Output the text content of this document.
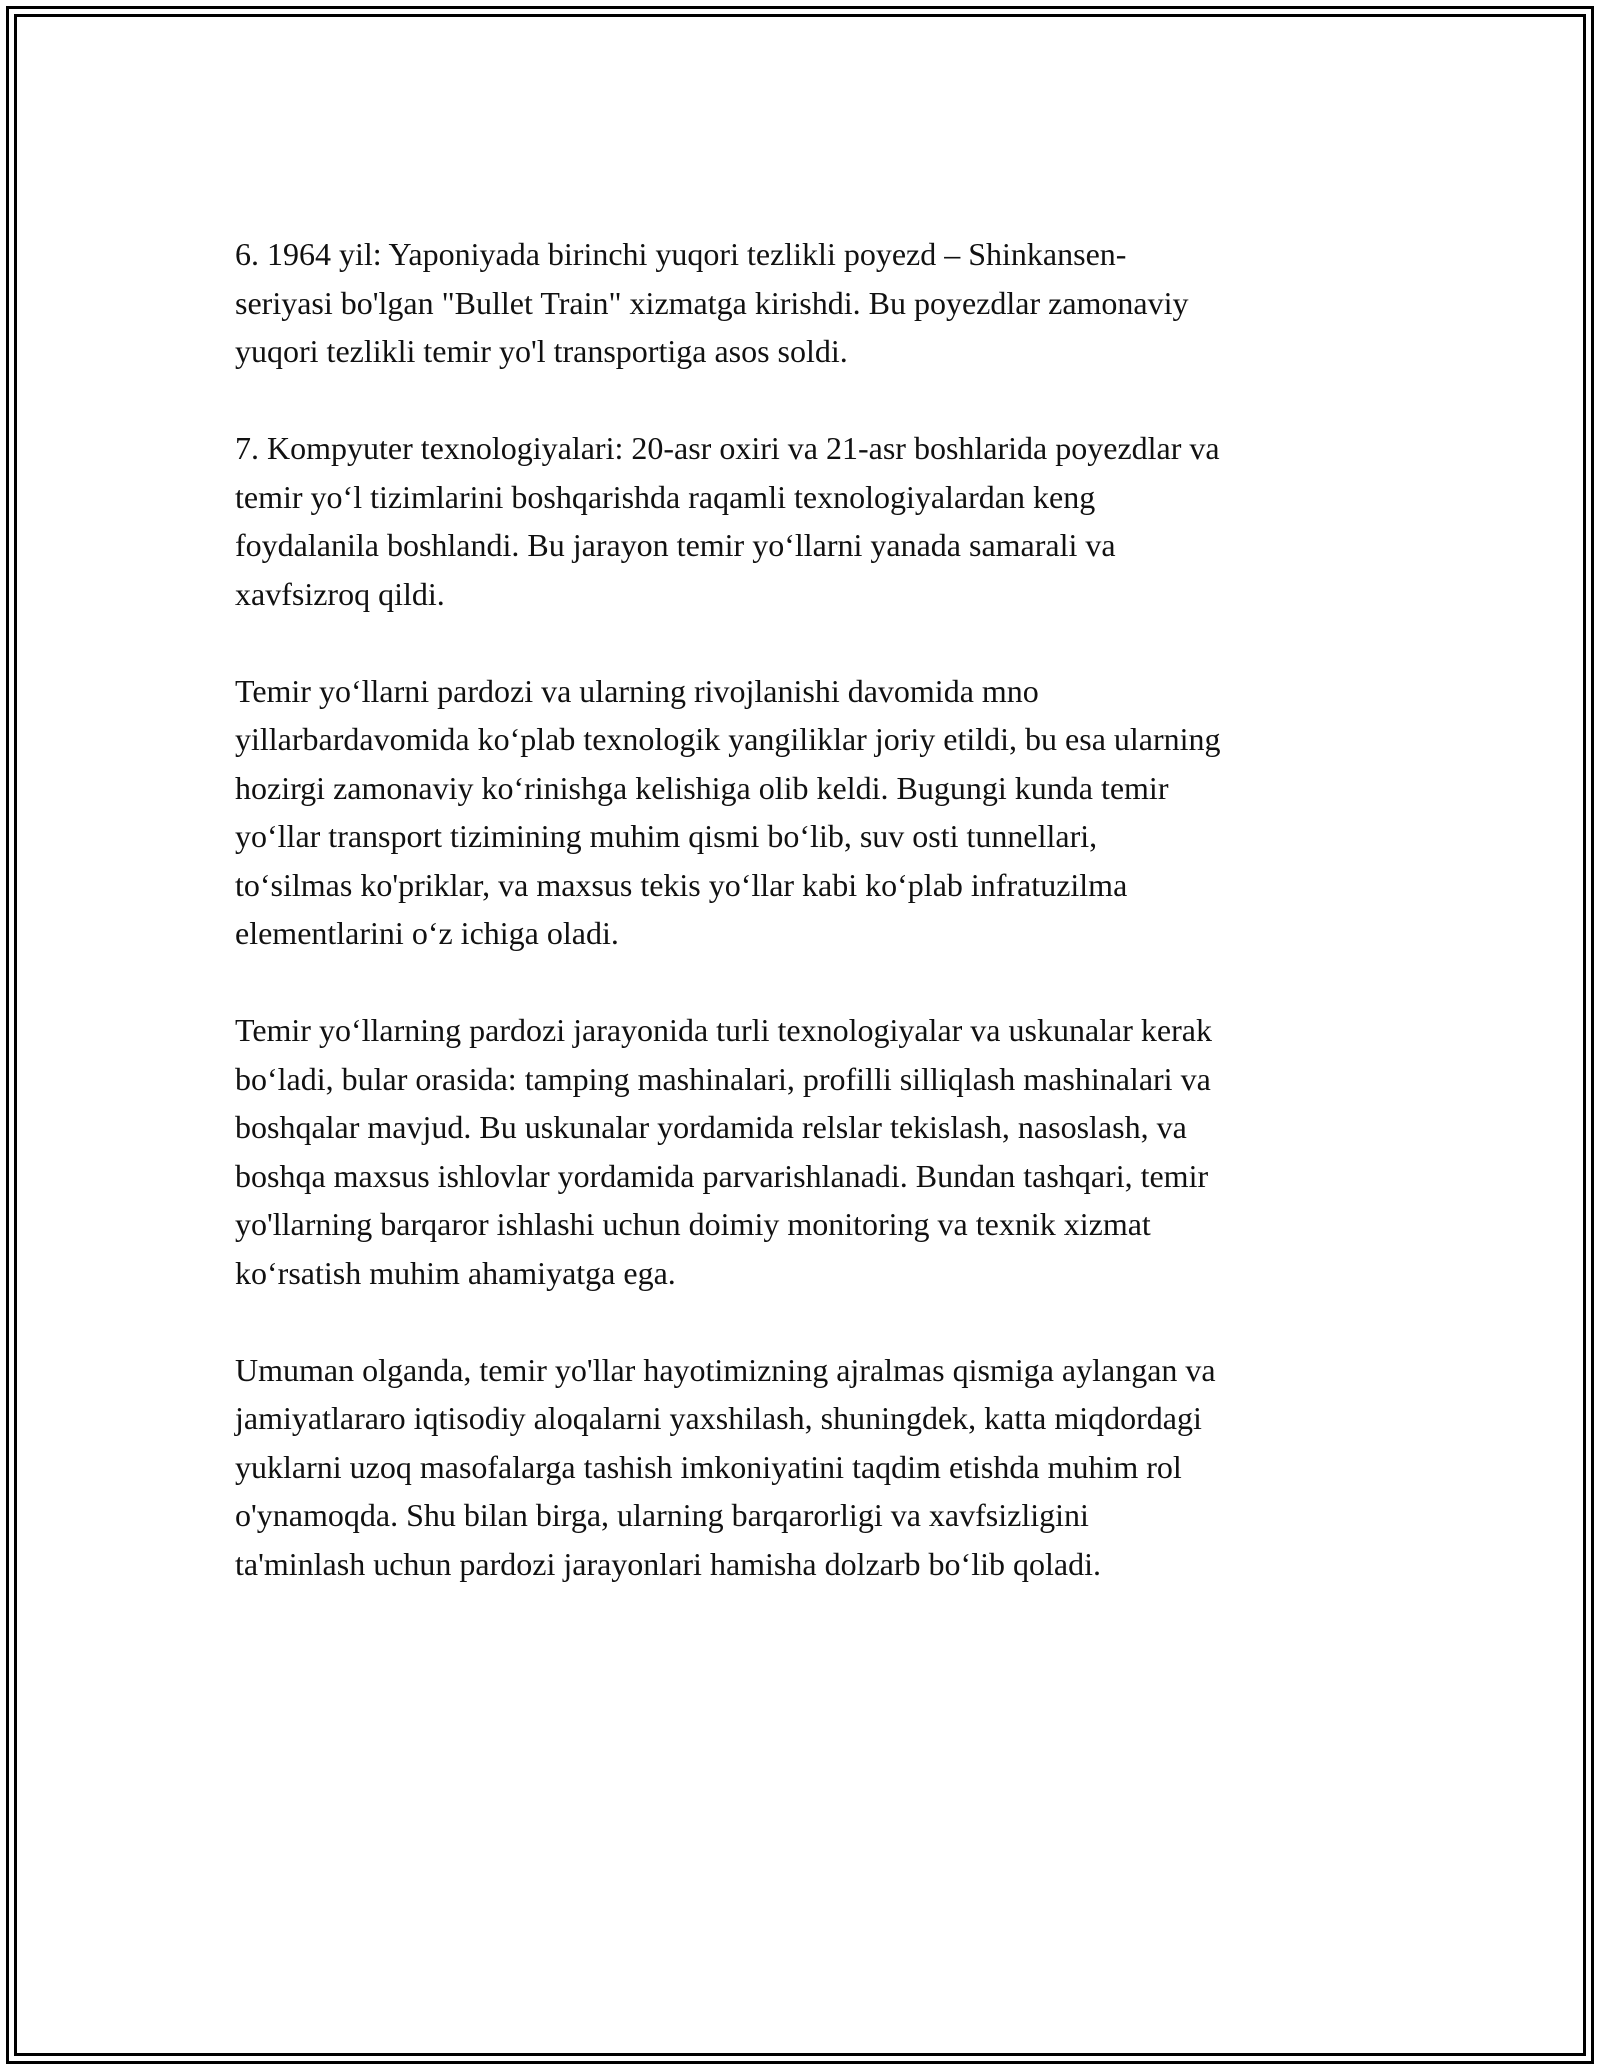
6. 1964 yil: Yaponiyada birinchi yuqori tezlikli poyezd – Shinkansen-
seriyasi bo'lgan "Bullet Train" xizmatga kirishdi. Bu poyezdlar zamonaviy
yuqori tezlikli temir yo'l transportiga asos soldi.

7. Kompyuter texnologiyalari: 20-asr oxiri va 21-asr boshlarida poyezdlar va
temir yo‘l tizimlarini boshqarishda raqamli texnologiyalardan keng
foydalanila boshlandi. Bu jarayon temir yo‘llarni yanada samarali va
xavfsizroq qildi.

Temir yo‘llarni pardozi va ularning rivojlanishi davomida mno
yillarbardavomida ko‘plab texnologik yangiliklar joriy etildi, bu esa ularning
hozirgi zamonaviy ko‘rinishga kelishiga olib keldi. Bugungi kunda temir
yo‘llar transport tizimining muhim qismi bo‘lib, suv osti tunnellari,
to‘silmas ko'priklar, va maxsus tekis yo‘llar kabi ko‘plab infratuzilma
elementlarini o‘z ichiga oladi.

Temir yo‘llarning pardozi jarayonida turli texnologiyalar va uskunalar kerak
bo‘ladi, bular orasida: tamping mashinalari, profilli silliqlash mashinalari va
boshqalar mavjud. Bu uskunalar yordamida relslar tekislash, nasoslash, va
boshqa maxsus ishlovlar yordamida parvarishlanadi. Bundan tashqari, temir
yo'llarning barqaror ishlashi uchun doimiy monitoring va texnik xizmat
ko‘rsatish muhim ahamiyatga ega.

Umuman olganda, temir yo'llar hayotimizning ajralmas qismiga aylangan va
jamiyatlararo iqtisodiy aloqalarni yaxshilash, shuningdek, katta miqdordagi
yuklarni uzoq masofalarga tashish imkoniyatini taqdim etishda muhim rol
o'ynamoqda. Shu bilan birga, ularning barqarorligi va xavfsizligini
ta'minlash uchun pardozi jarayonlari hamisha dolzarb bo‘lib qoladi.
